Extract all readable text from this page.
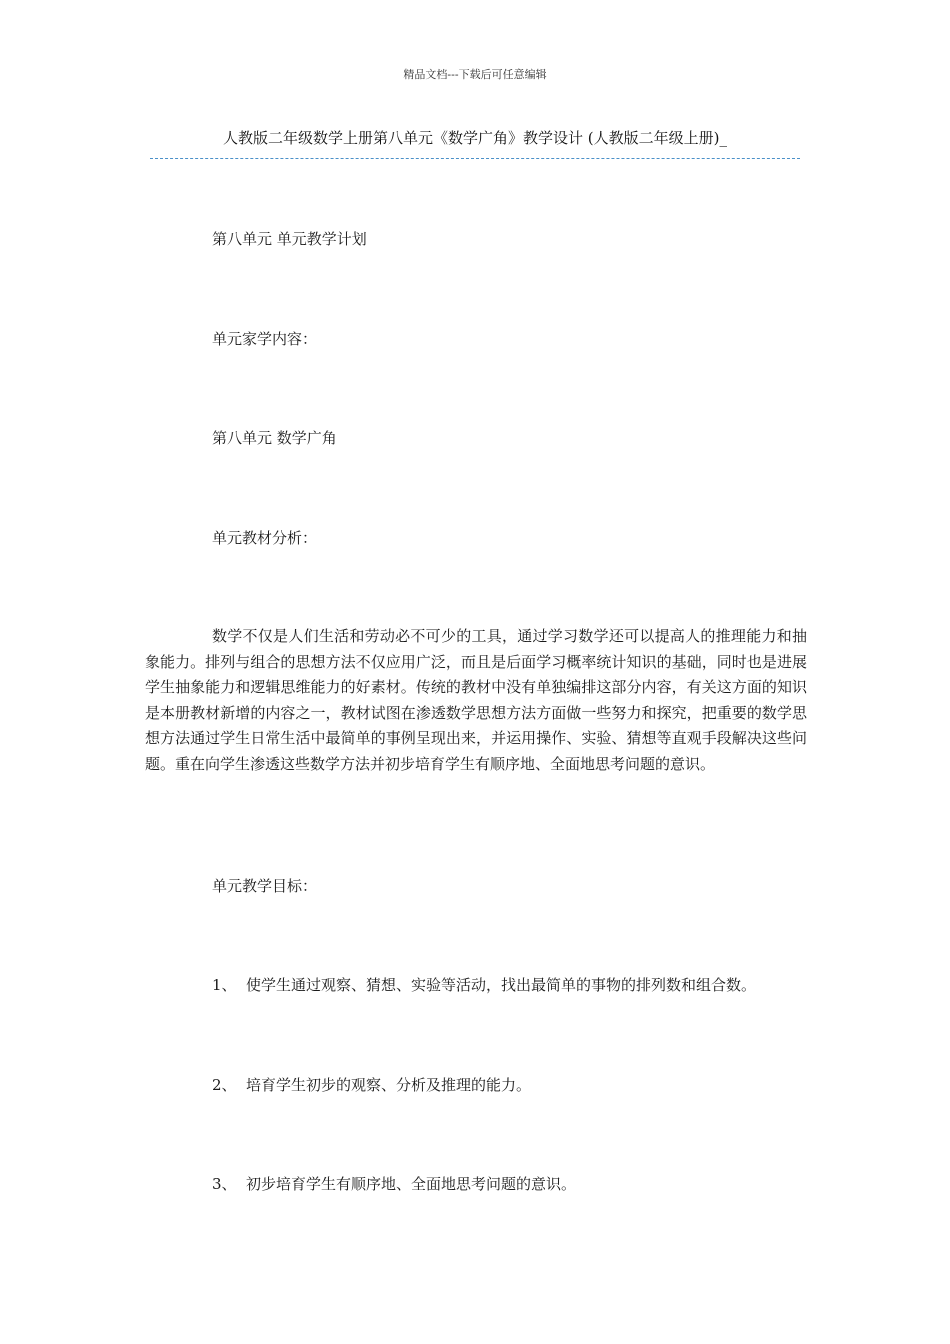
精品文档---下载后可任意编辑
人教版二年级数学上册第八单元《数学广角》教学设计 (人教版二年级上册)_
第八单元 单元教学计划
单元家学内容：
第八单元 数学广角
单元教材分析：
数学不仅是人们生活和劳动必不可少的工具，通过学习数学还可以提高人的推理能力和抽象能力。排列与组合的思想方法不仅应用广泛，而且是后面学习概率统计知识的基础，同时也是进展学生抽象能力和逻辑思维能力的好素材。传统的教材中没有单独编排这部分内容，有关这方面的知识是本册教材新增的内容之一，教材试图在渗透数学思想方法方面做一些努力和探究，把重要的数学思想方法通过学生日常生活中最简单的事例呈现出来，并运用操作、实验、猜想等直观手段解决这些问题。重在向学生渗透这些数学方法并初步培育学生有顺序地、全面地思考问题的意识。
单元教学目标：
1、 使学生通过观察、猜想、实验等活动，找出最简单的事物的排列数和组合数。
2、 培育学生初步的观察、分析及推理的能力。
3、 初步培育学生有顺序地、全面地思考问题的意识。
